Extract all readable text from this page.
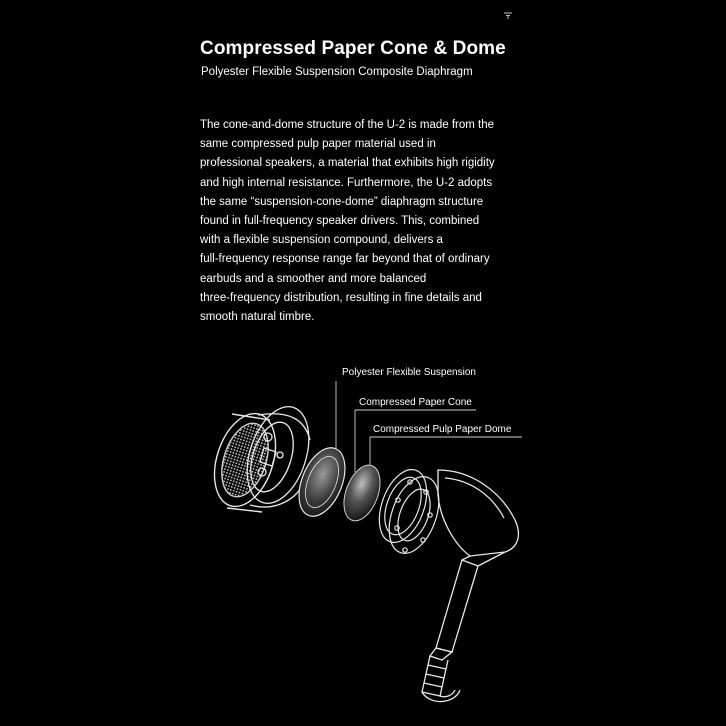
Compressed Paper Cone & Dome
Polyester Flexible Suspension Composite Diaphragm
The cone-and-dome structure of the U-2 is made from the
same compressed pulp paper material used in
professional speakers, a material that exhibits high rigidity
and high internal resistance. Furthermore, the U-2 adopts
the same “suspension-cone-dome” diaphragm structure
found in full-frequency speaker drivers. This, combined
with a flexible suspension compound, delivers a
full-frequency response range far beyond that of ordinary
earbuds and a smoother and more balanced
three-frequency distribution, resulting in fine details and
smooth natural timbre.
Polyester Flexible Suspension
Compressed Paper Cone
Compressed Pulp Paper Dome
